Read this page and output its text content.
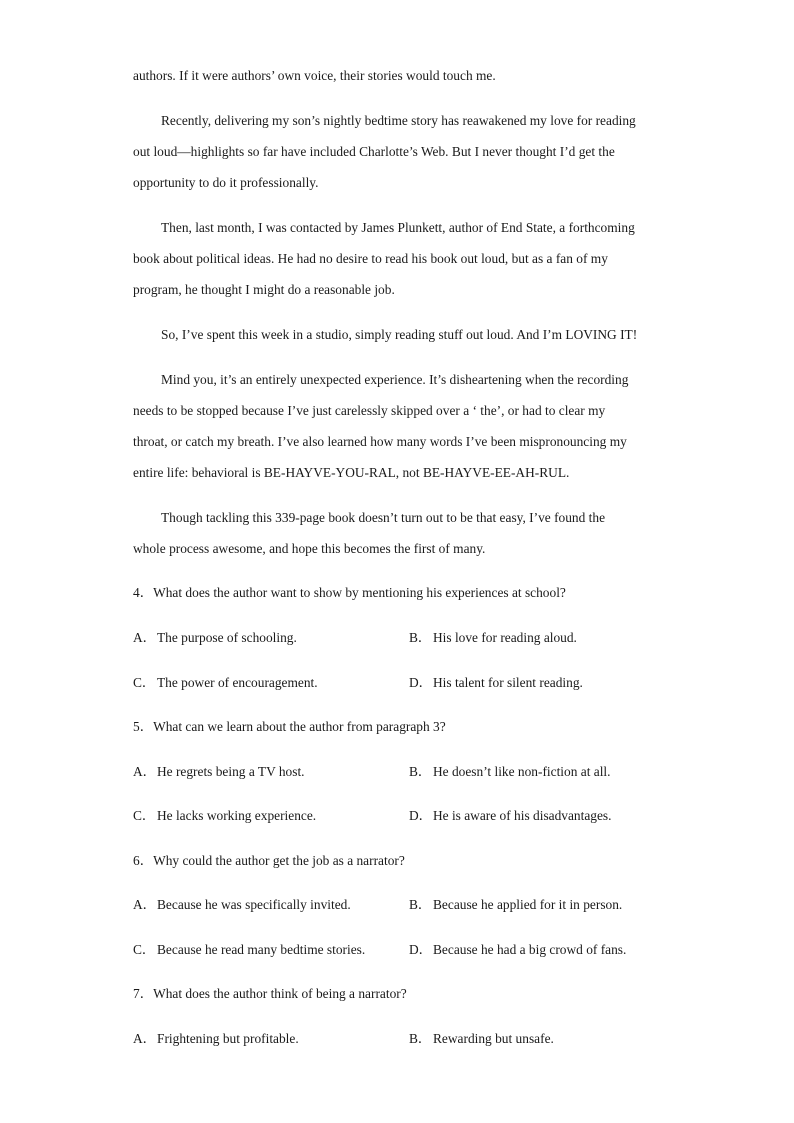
authors. If it were authors’ own voice, their stories would touch me.
Recently, delivering my son’s nightly bedtime story has reawakened my love for reading
out loud—highlights so far have included Charlotte’s Web. But I never thought I’d get the
opportunity to do it professionally.
Then, last month, I was contacted by James Plunkett, author of End State, a forthcoming
book about political ideas. He had no desire to read his book out loud, but as a fan of my
program, he thought I might do a reasonable job.
So, I’ve spent this week in a studio, simply reading stuff out loud. And I’m LOVING IT!
Mind you, it’s an entirely unexpected experience. It’s disheartening when the recording
needs to be stopped because I’ve just carelessly skipped over a ‘ the’, or had to clear my
throat, or catch my breath. I’ve also learned how many words I’ve been mispronouncing my
entire life: behavioral is BE-HAYVE-YOU-RAL, not BE-HAYVE-EE-AH-RUL.
Though tackling this 339-page book doesn’t turn out to be that easy, I’ve found the
whole process awesome, and hope this becomes the first of many.
4．What does the author want to show by mentioning his experiences at school?
A．The purpose of schooling.	B． His love for reading aloud.
C． The power of encouragement.	D．His talent for silent reading.
5．What can we learn about the author from paragraph 3?
A．He regrets being a TV host.	B． He doesn’t like non-fiction at all.
C． He lacks working experience.	D．He is aware of his disadvantages.
6．Why could the author get the job as a narrator?
A．Because he was specifically invited.	B． Because he applied for it in person.
C． Because he read many bedtime stories.	D．Because he had a big crowd of fans.
7．What does the author think of being a narrator?
A．Frightening but profitable.	B． Rewarding but unsafe.
